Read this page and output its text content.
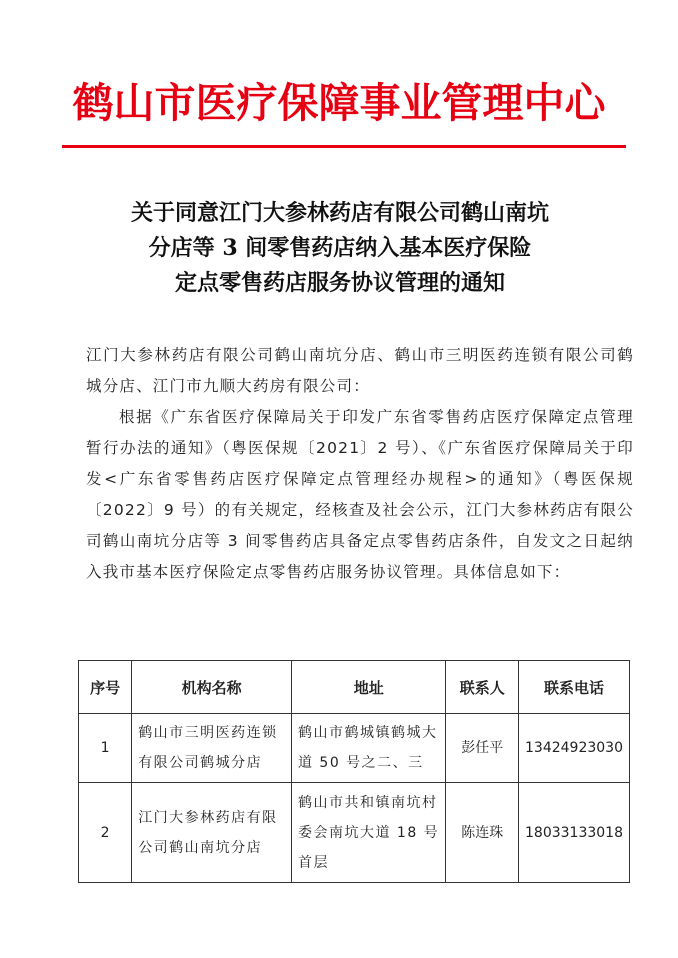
鹤山市医疗保障事业管理中心
关于同意江门大参林药店有限公司鹤山南坑
分店等 3 间零售药店纳入基本医疗保险
定点零售药店服务协议管理的通知

江门大参林药店有限公司鹤山南坑分店、鹤山市三明医药连锁有限公司鹤城分店、江门市九顺大药房有限公司：

根据《广东省医疗保障局关于印发广东省零售药店医疗保障定点管理暂行办法的通知》（粤医保规〔2021〕2 号）、《广东省医疗保障局关于印发<广东省零售药店医疗保障定点管理经办规程>的通知》（粤医保规〔2022〕9 号）的有关规定，经核查及社会公示，江门大参林药店有限公司鹤山南坑分店等 3 间零售药店具备定点零售药店条件，自发文之日起纳入我市基本医疗保险定点零售药店服务协议管理。具体信息如下：

序号	机构名称	地址	联系人	联系电话
1	鹤山市三明医药连锁有限公司鹤城分店	鹤山市鹤城镇鹤城大道 50 号之二、三	彭任平	13424923030
2	江门大参林药店有限公司鹤山南坑分店	鹤山市共和镇南坑村委会南坑大道 18 号首层	陈连珠	18033133018
